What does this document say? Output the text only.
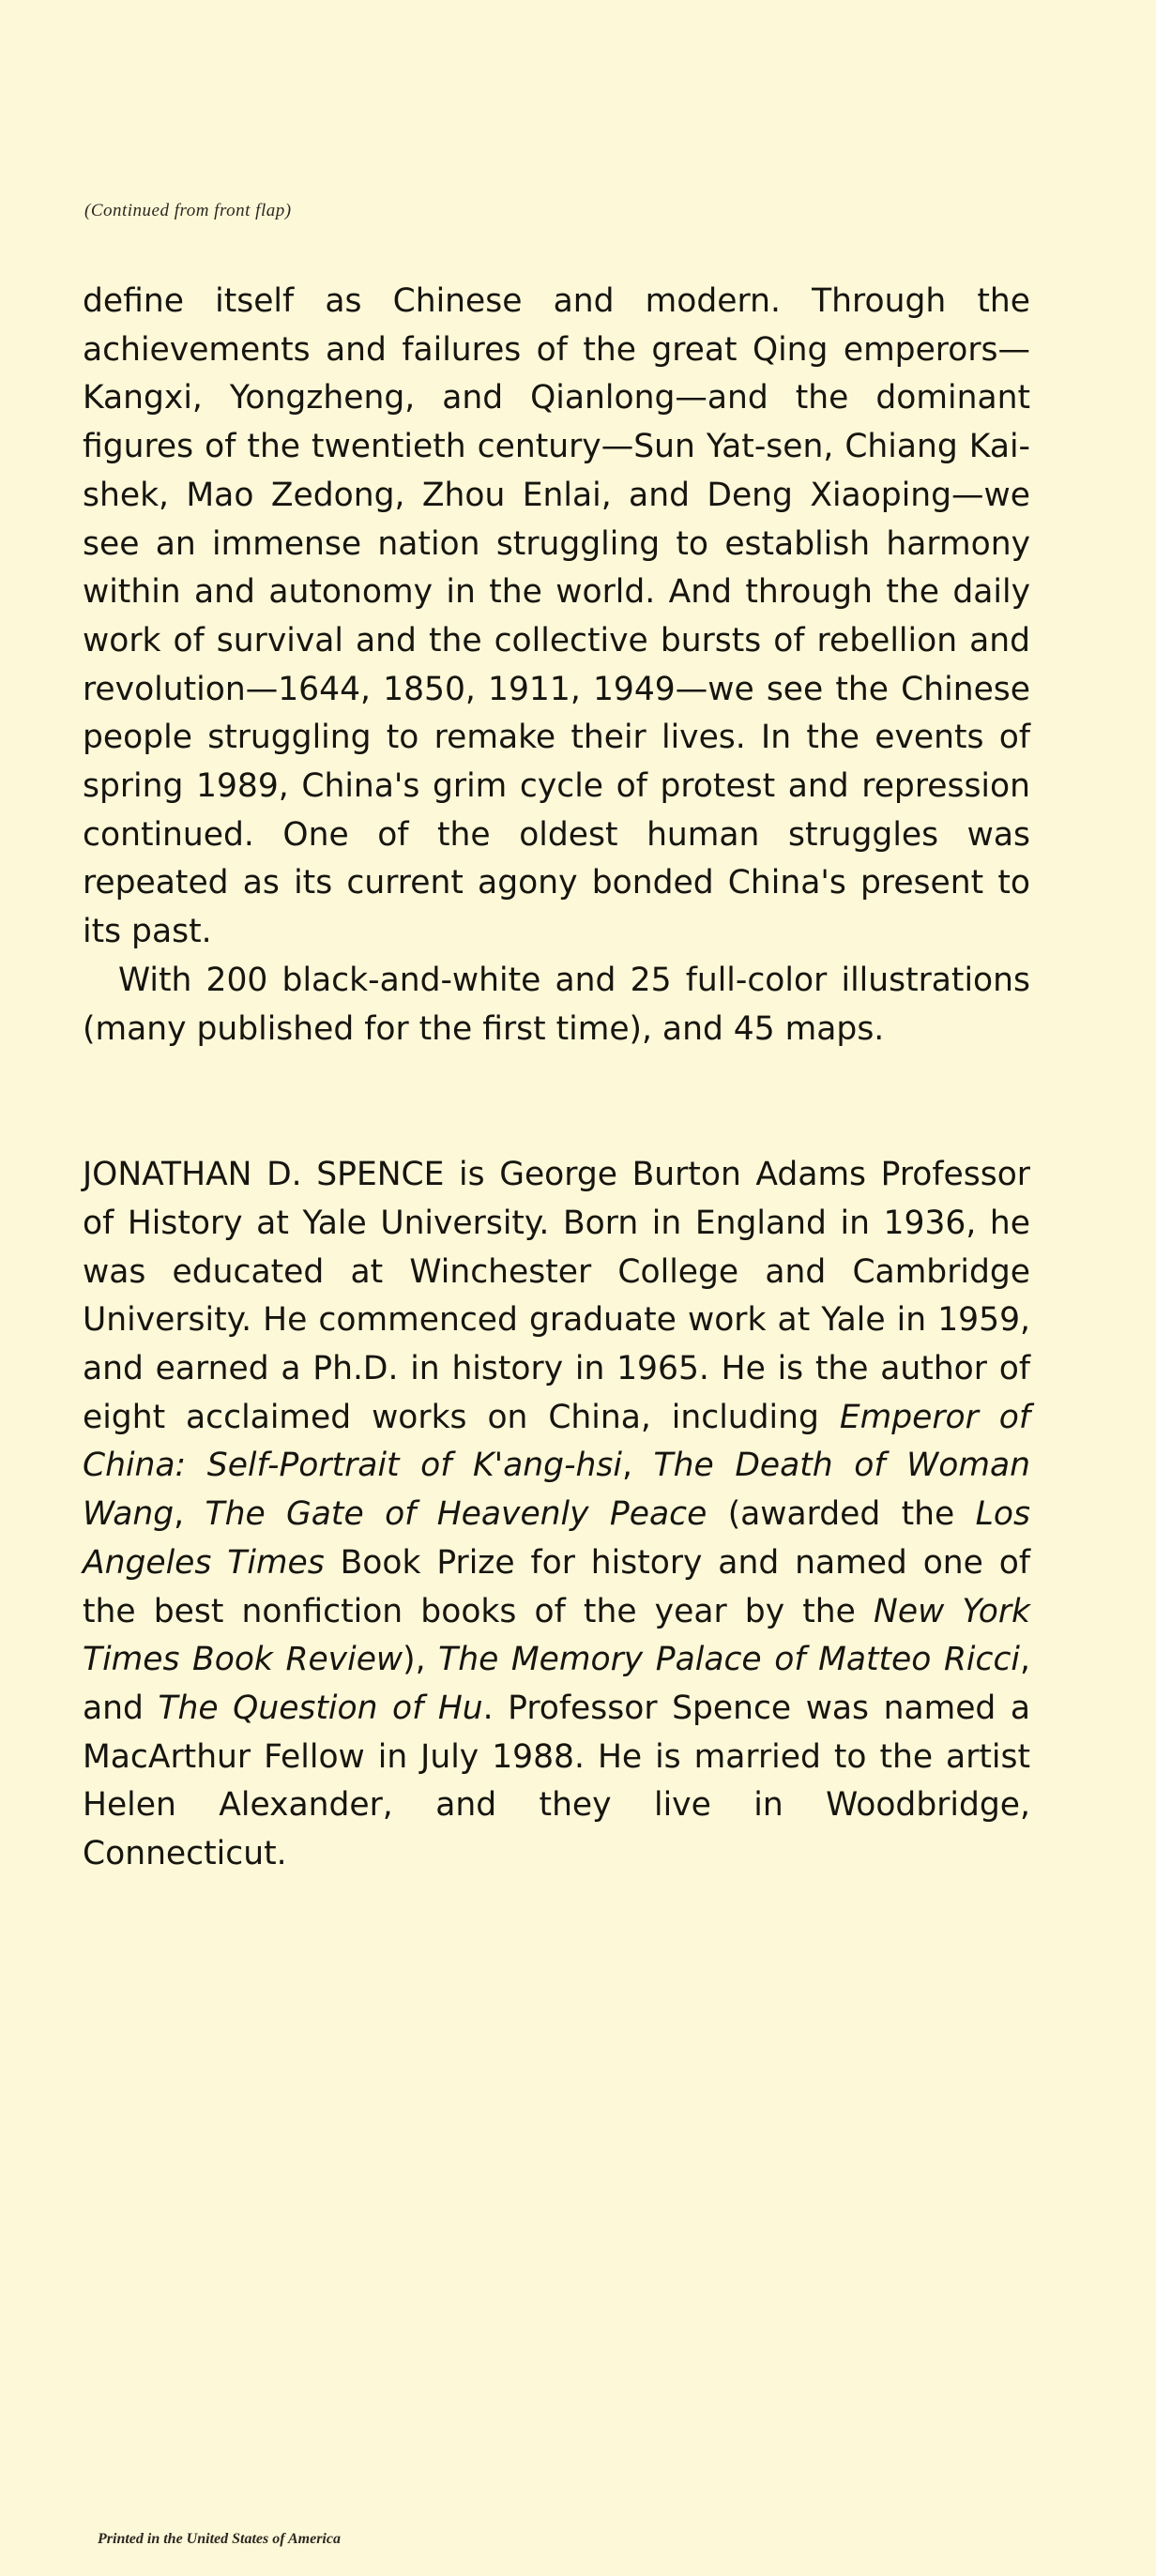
(Continued from front flap)

define itself as Chinese and modern. Through the achievements and failures of the great Qing emperors—Kangxi, Yongzheng, and Qianlong—and the dominant figures of the twentieth century—Sun Yat-sen, Chiang Kai-shek, Mao Zedong, Zhou Enlai, and Deng Xiaoping—we see an immense nation struggling to establish harmony within and autonomy in the world. And through the daily work of survival and the collective bursts of rebellion and revolution—1644, 1850, 1911, 1949—we see the Chinese people struggling to remake their lives. In the events of spring 1989, China's grim cycle of protest and repression continued. One of the oldest human struggles was repeated as its current agony bonded China's present to its past.

With 200 black-and-white and 25 full-color illustrations (many published for the first time), and 45 maps.

JONATHAN D. SPENCE is George Burton Adams Professor of History at Yale University. Born in England in 1936, he was educated at Winchester College and Cambridge University. He commenced graduate work at Yale in 1959, and earned a Ph.D. in history in 1965. He is the author of eight acclaimed works on China, including Emperor of China: Self-Portrait of K'ang-hsi, The Death of Woman Wang, The Gate of Heavenly Peace (awarded the Los Angeles Times Book Prize for history and named one of the best nonfiction books of the year by the New York Times Book Review), The Memory Palace of Matteo Ricci, and The Question of Hu. Professor Spence was named a MacArthur Fellow in July 1988. He is married to the artist Helen Alexander, and they live in Woodbridge, Connecticut.

Printed in the United States of America
